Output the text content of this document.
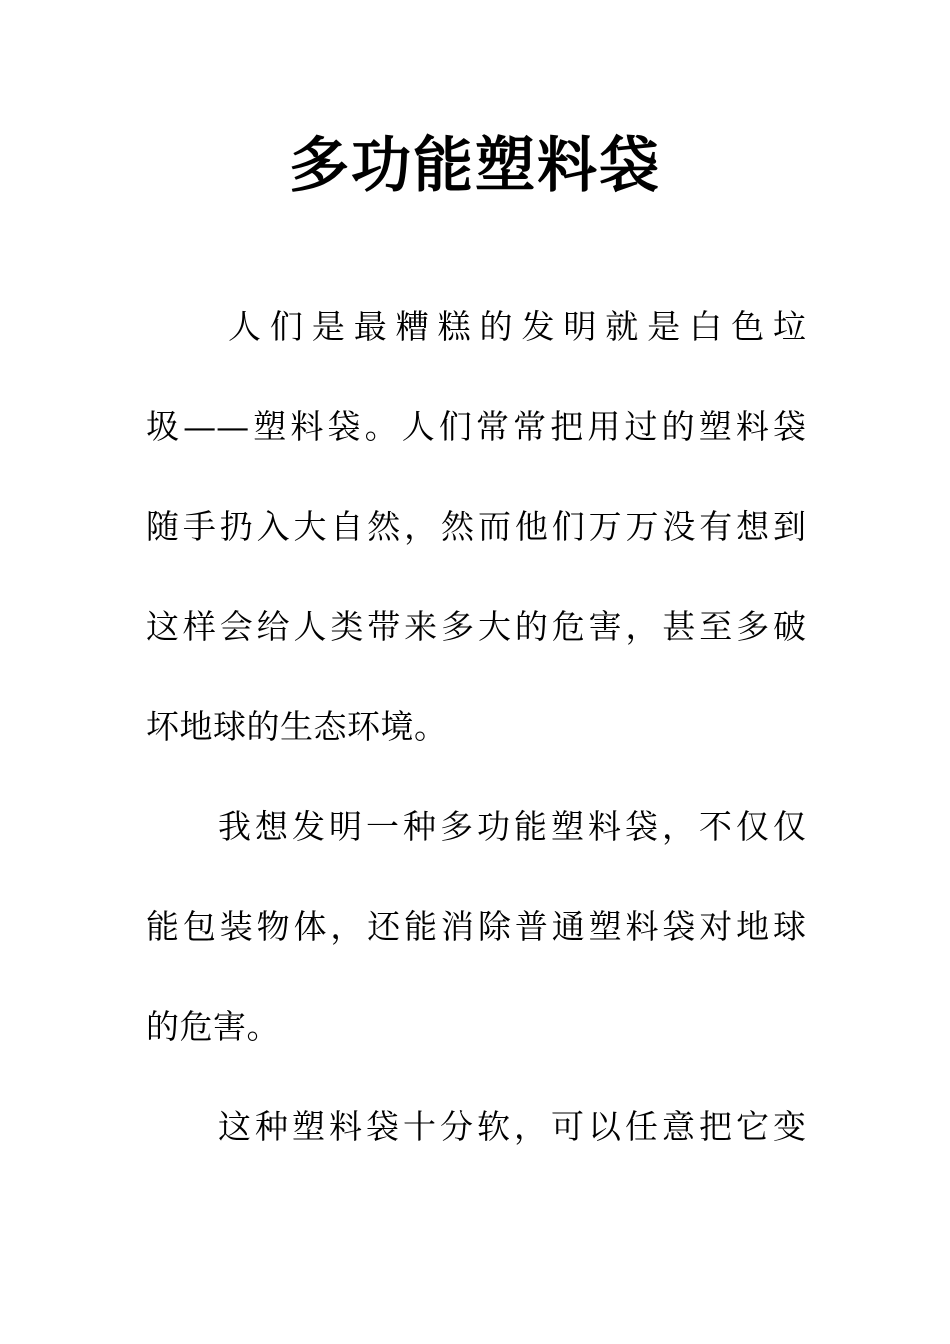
多功能塑料袋
人们是最糟糕的发明就是白色垃
圾——塑料袋。人们常常把用过的塑料袋
随手扔入大自然，然而他们万万没有想到
这样会给人类带来多大的危害，甚至多破
坏地球的生态环境。
我想发明一种多功能塑料袋，不仅仅
能包装物体，还能消除普通塑料袋对地球
的危害。
这种塑料袋十分软，可以任意把它变
